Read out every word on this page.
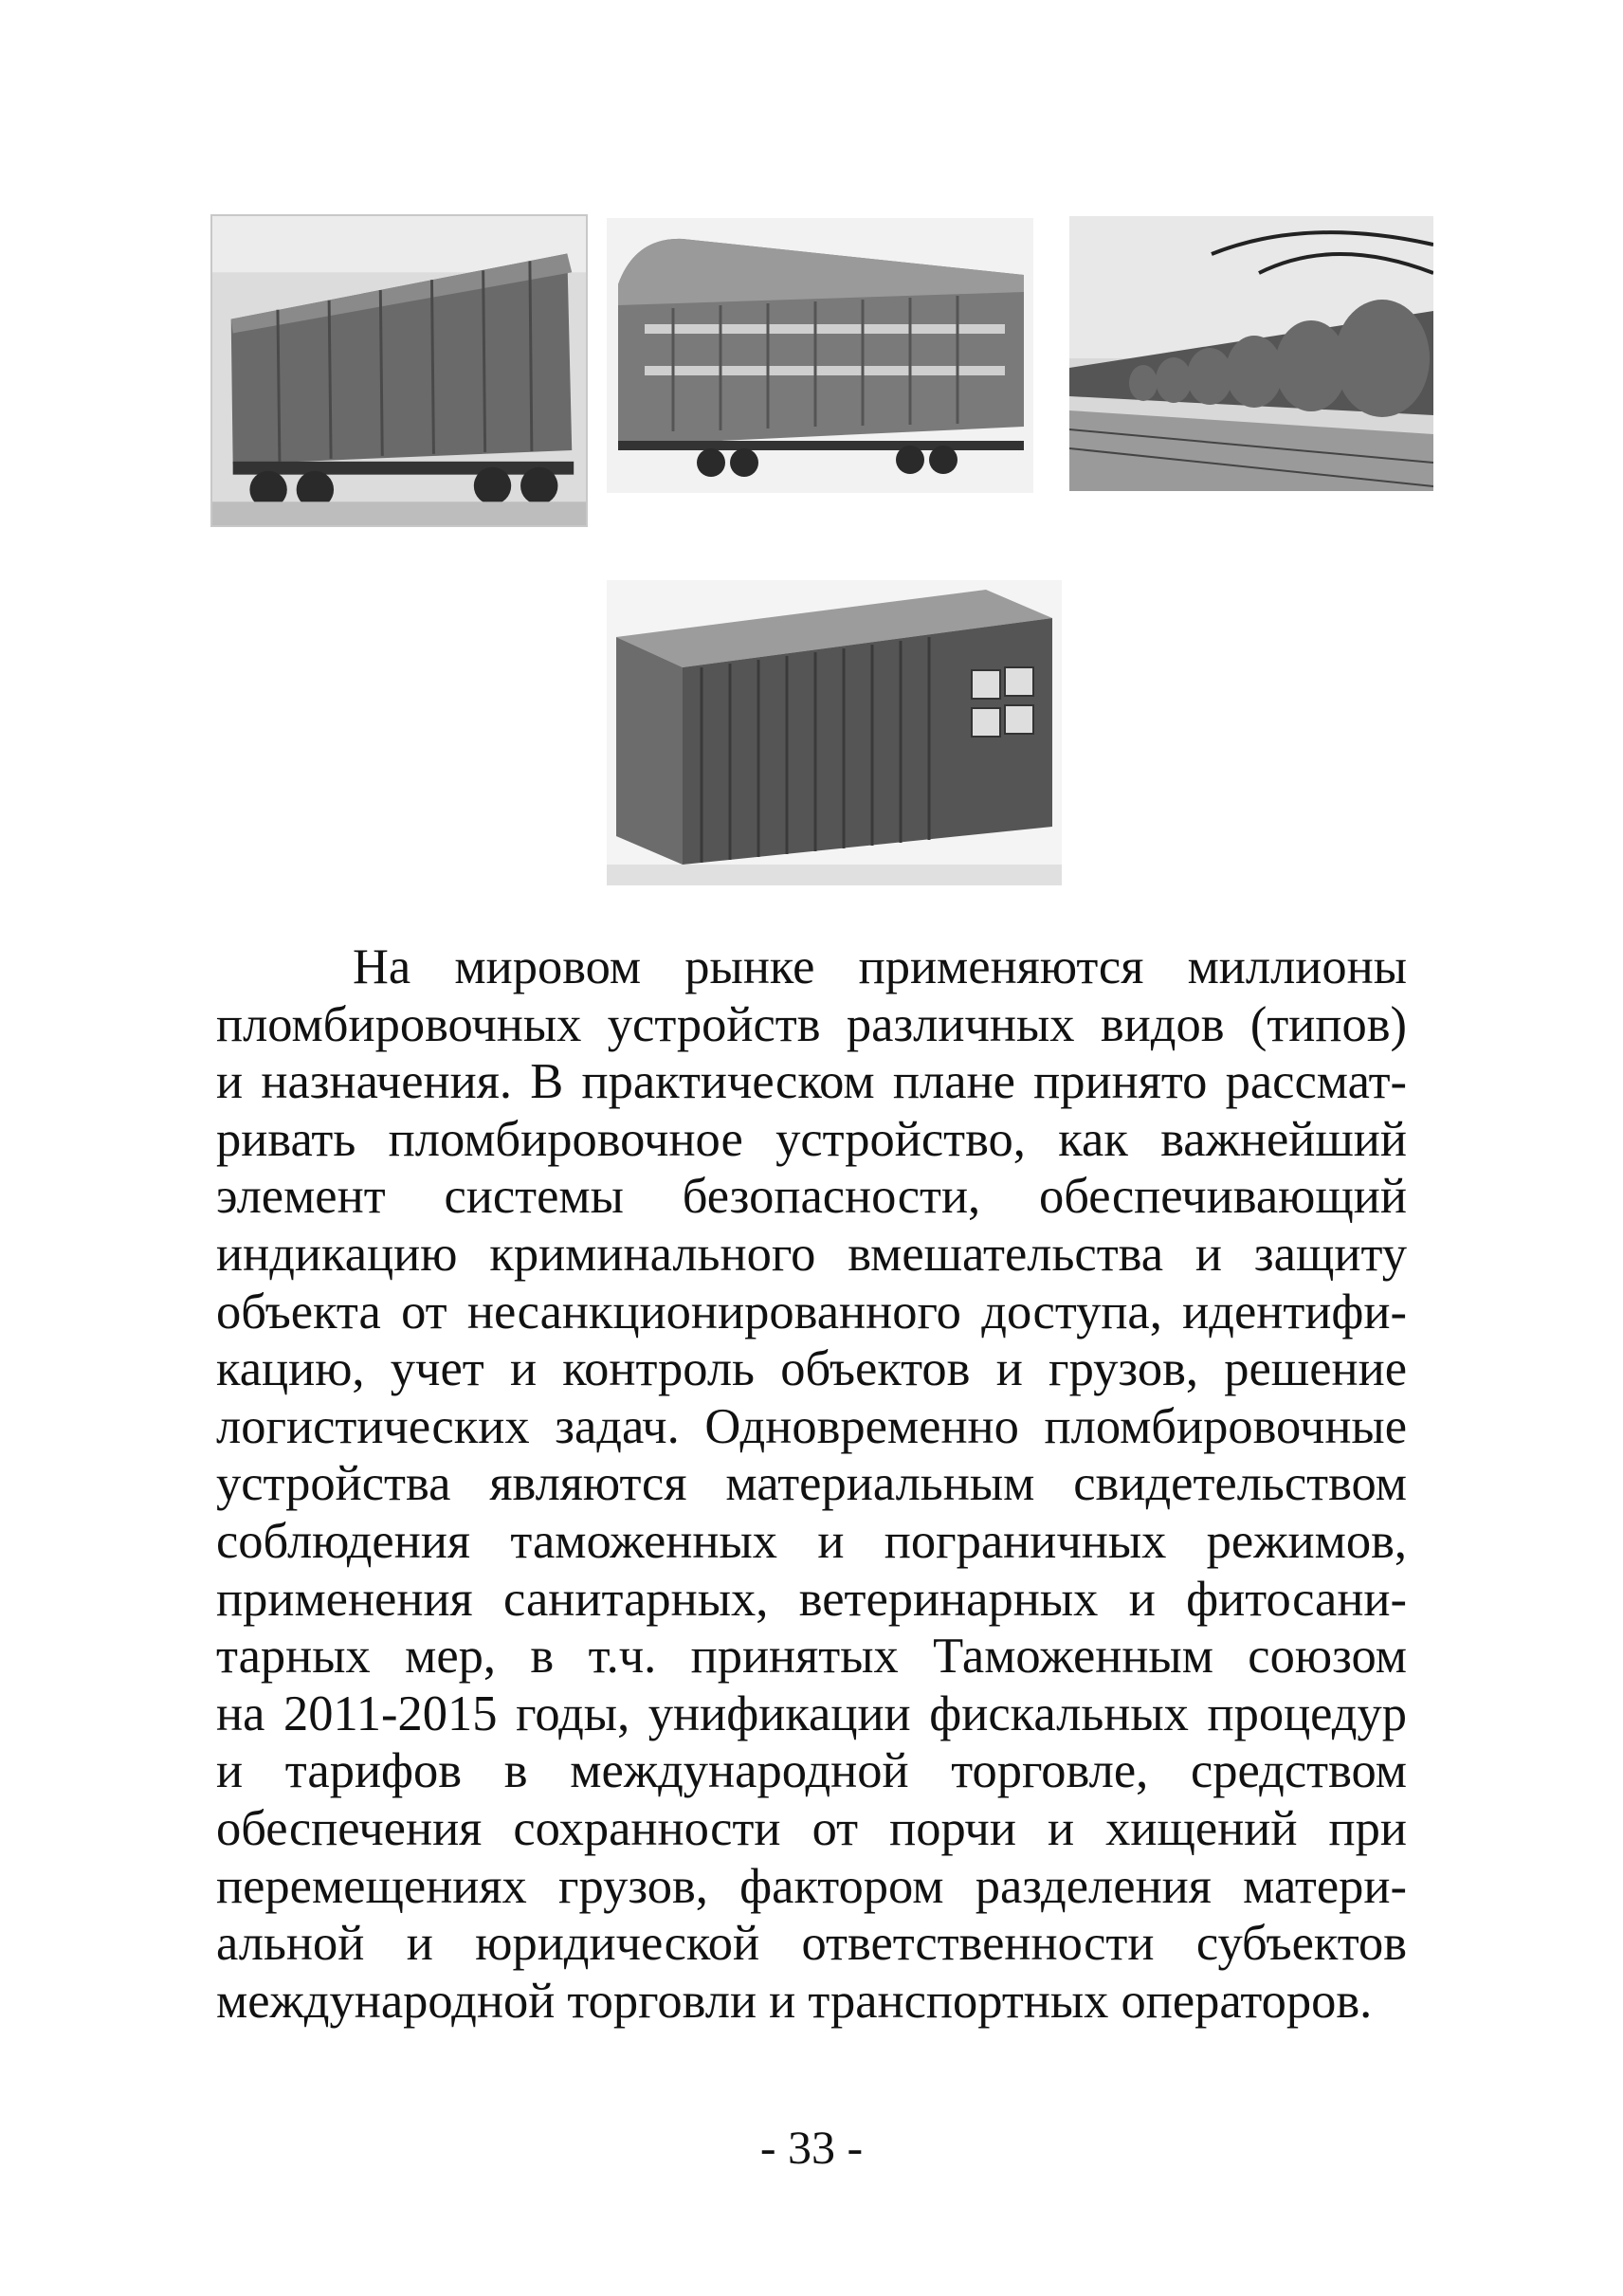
На мировом рынке применяются миллионы
пломбировочных устройств различных видов (типов)
и назначения. В практическом плане принято рассмат-
ривать пломбировочное устройство, как важнейший
элемент системы безопасности, обеспечивающий
индикацию криминального вмешательства и защиту
объекта от несанкционированного доступа, идентифи-
кацию, учет и контроль объектов и грузов, решение
логистических задач. Одновременно пломбировочные
устройства являются материальным свидетельством
соблюдения таможенных и пограничных режимов,
применения санитарных, ветеринарных и фитосани-
тарных мер, в т.ч. принятых Таможенным союзом
на 2011-2015 годы, унификации фискальных процедур
и тарифов в международной торговле, средством
обеспечения сохранности от порчи и хищений при
перемещениях грузов, фактором разделения матери-
альной и юридической ответственности субъектов
международной торговли и транспортных операторов.
- 33 -
